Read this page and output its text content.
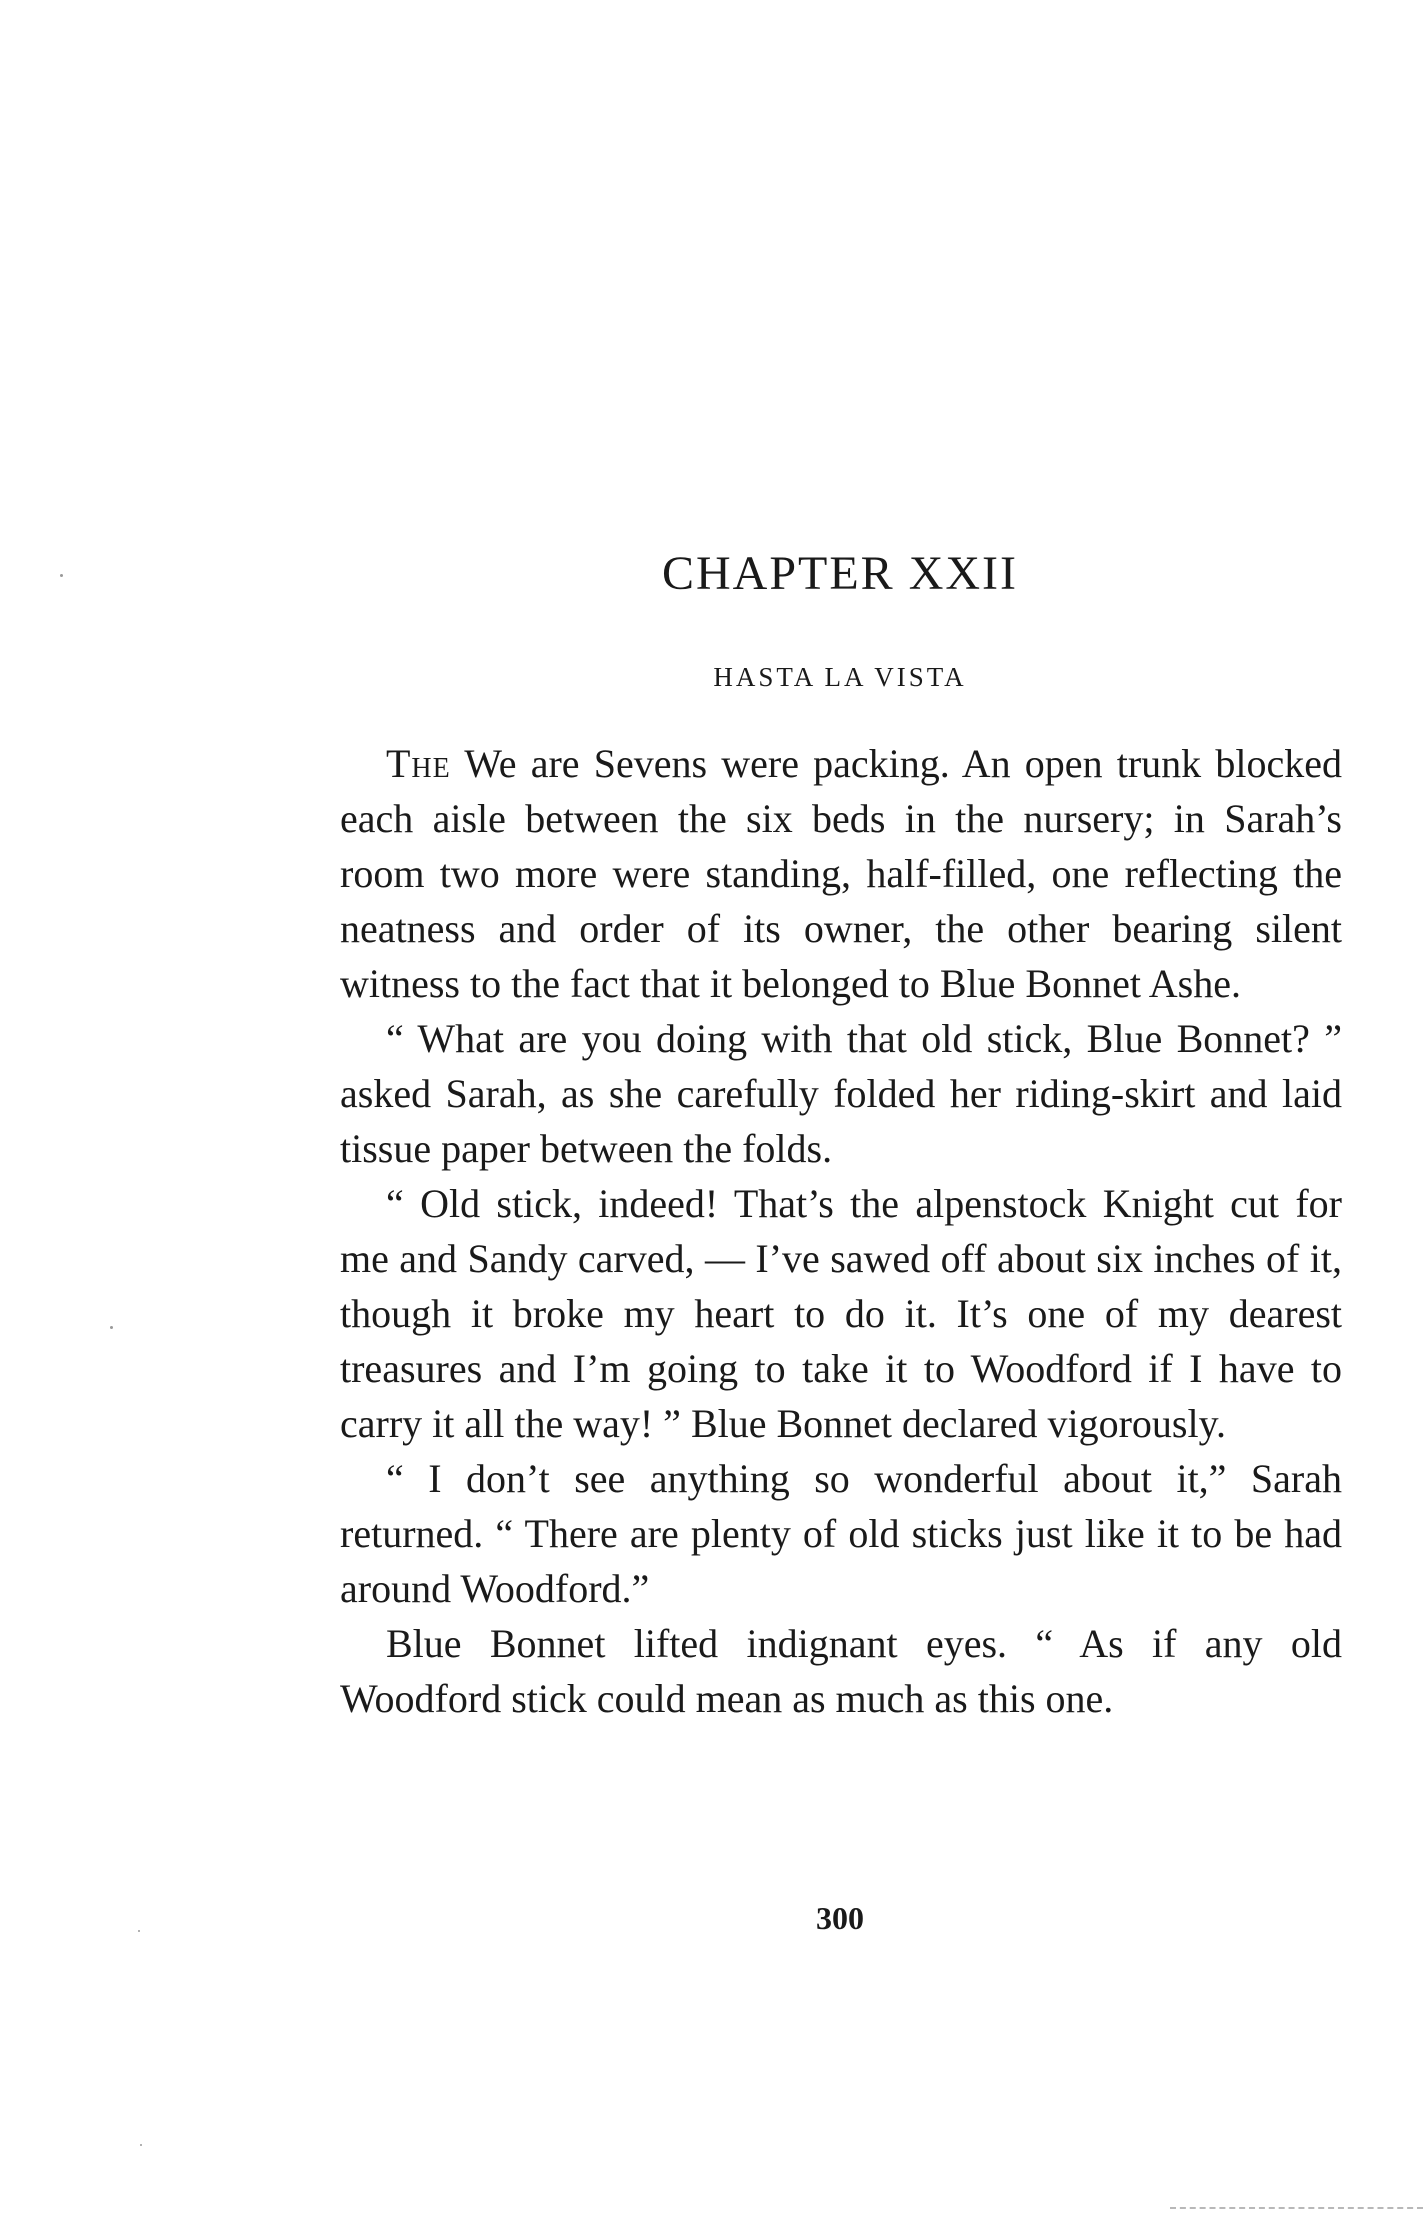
CHAPTER XXII
HASTA LA VISTA

The We are Sevens were packing. An open trunk blocked each aisle between the six beds in the nursery; in Sarah’s room two more were standing, half-filled, one reflecting the neatness and order of its owner, the other bearing silent witness to the fact that it belonged to Blue Bonnet Ashe.

“ What are you doing with that old stick, Blue Bonnet? ” asked Sarah, as she carefully folded her riding-skirt and laid tissue paper between the folds.

“ Old stick, indeed! That’s the alpenstock Knight cut for me and Sandy carved, — I’ve sawed off about six inches of it, though it broke my heart to do it. It’s one of my dearest treasures and I’m going to take it to Woodford if I have to carry it all the way! ” Blue Bonnet declared vigorously.

“ I don’t see anything so wonderful about it,” Sarah returned. “ There are plenty of old sticks just like it to be had around Woodford.”

Blue Bonnet lifted indignant eyes. “ As if any old Woodford stick could mean as much as this one.

300
